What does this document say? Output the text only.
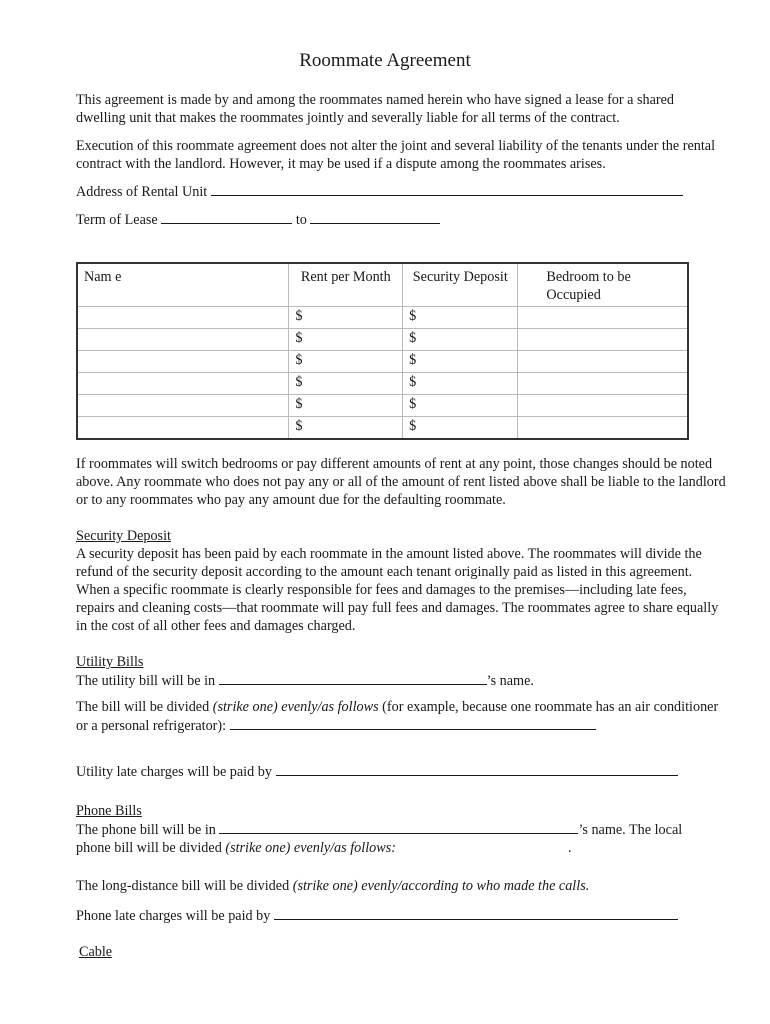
Roommate Agreement
This agreement is made by and among the roommates named herein who have signed a lease for a shared dwelling unit that makes the roommates jointly and severally liable for all terms of the contract.
Execution of this roommate agreement does not alter the joint and several liability of the tenants under the rental contract with the landlord. However, it may be used if a dispute among the roommates arises.
Address of Rental Unit
Term of Lease	to
Nam e	Rent per Month	Security Deposit	Bedroom to be Occupied
	$	$	
	$	$	
	$	$	
	$	$	
	$	$	
	$	$	
If roommates will switch bedrooms or pay different amounts of rent at any point, those changes should be noted above. Any roommate who does not pay any or all of the amount of rent listed above shall be liable to the landlord or to any roommates who pay any amount due for the defaulting roommate.
Security Deposit
A security deposit has been paid by each roommate in the amount listed above. The roommates will divide the refund of the security deposit according to the amount each tenant originally paid as listed in this agreement. When a specific roommate is clearly responsible for fees and damages to the premises—including late fees, repairs and cleaning costs—that roommate will pay full fees and damages. The roommates agree to share equally in the cost of all other fees and damages charged.
Utility Bills
The utility bill will be in	’s name.
The bill will be divided (strike one) evenly/as follows (for example, because one roommate has an air conditioner or a personal refrigerator):
Utility late charges will be paid by
Phone Bills
The phone bill will be in	’s name. The local
phone bill will be divided (strike one) evenly/as follows:	.
The long-distance bill will be divided (strike one) evenly/according to who made the calls.
Phone late charges will be paid by
Cable
